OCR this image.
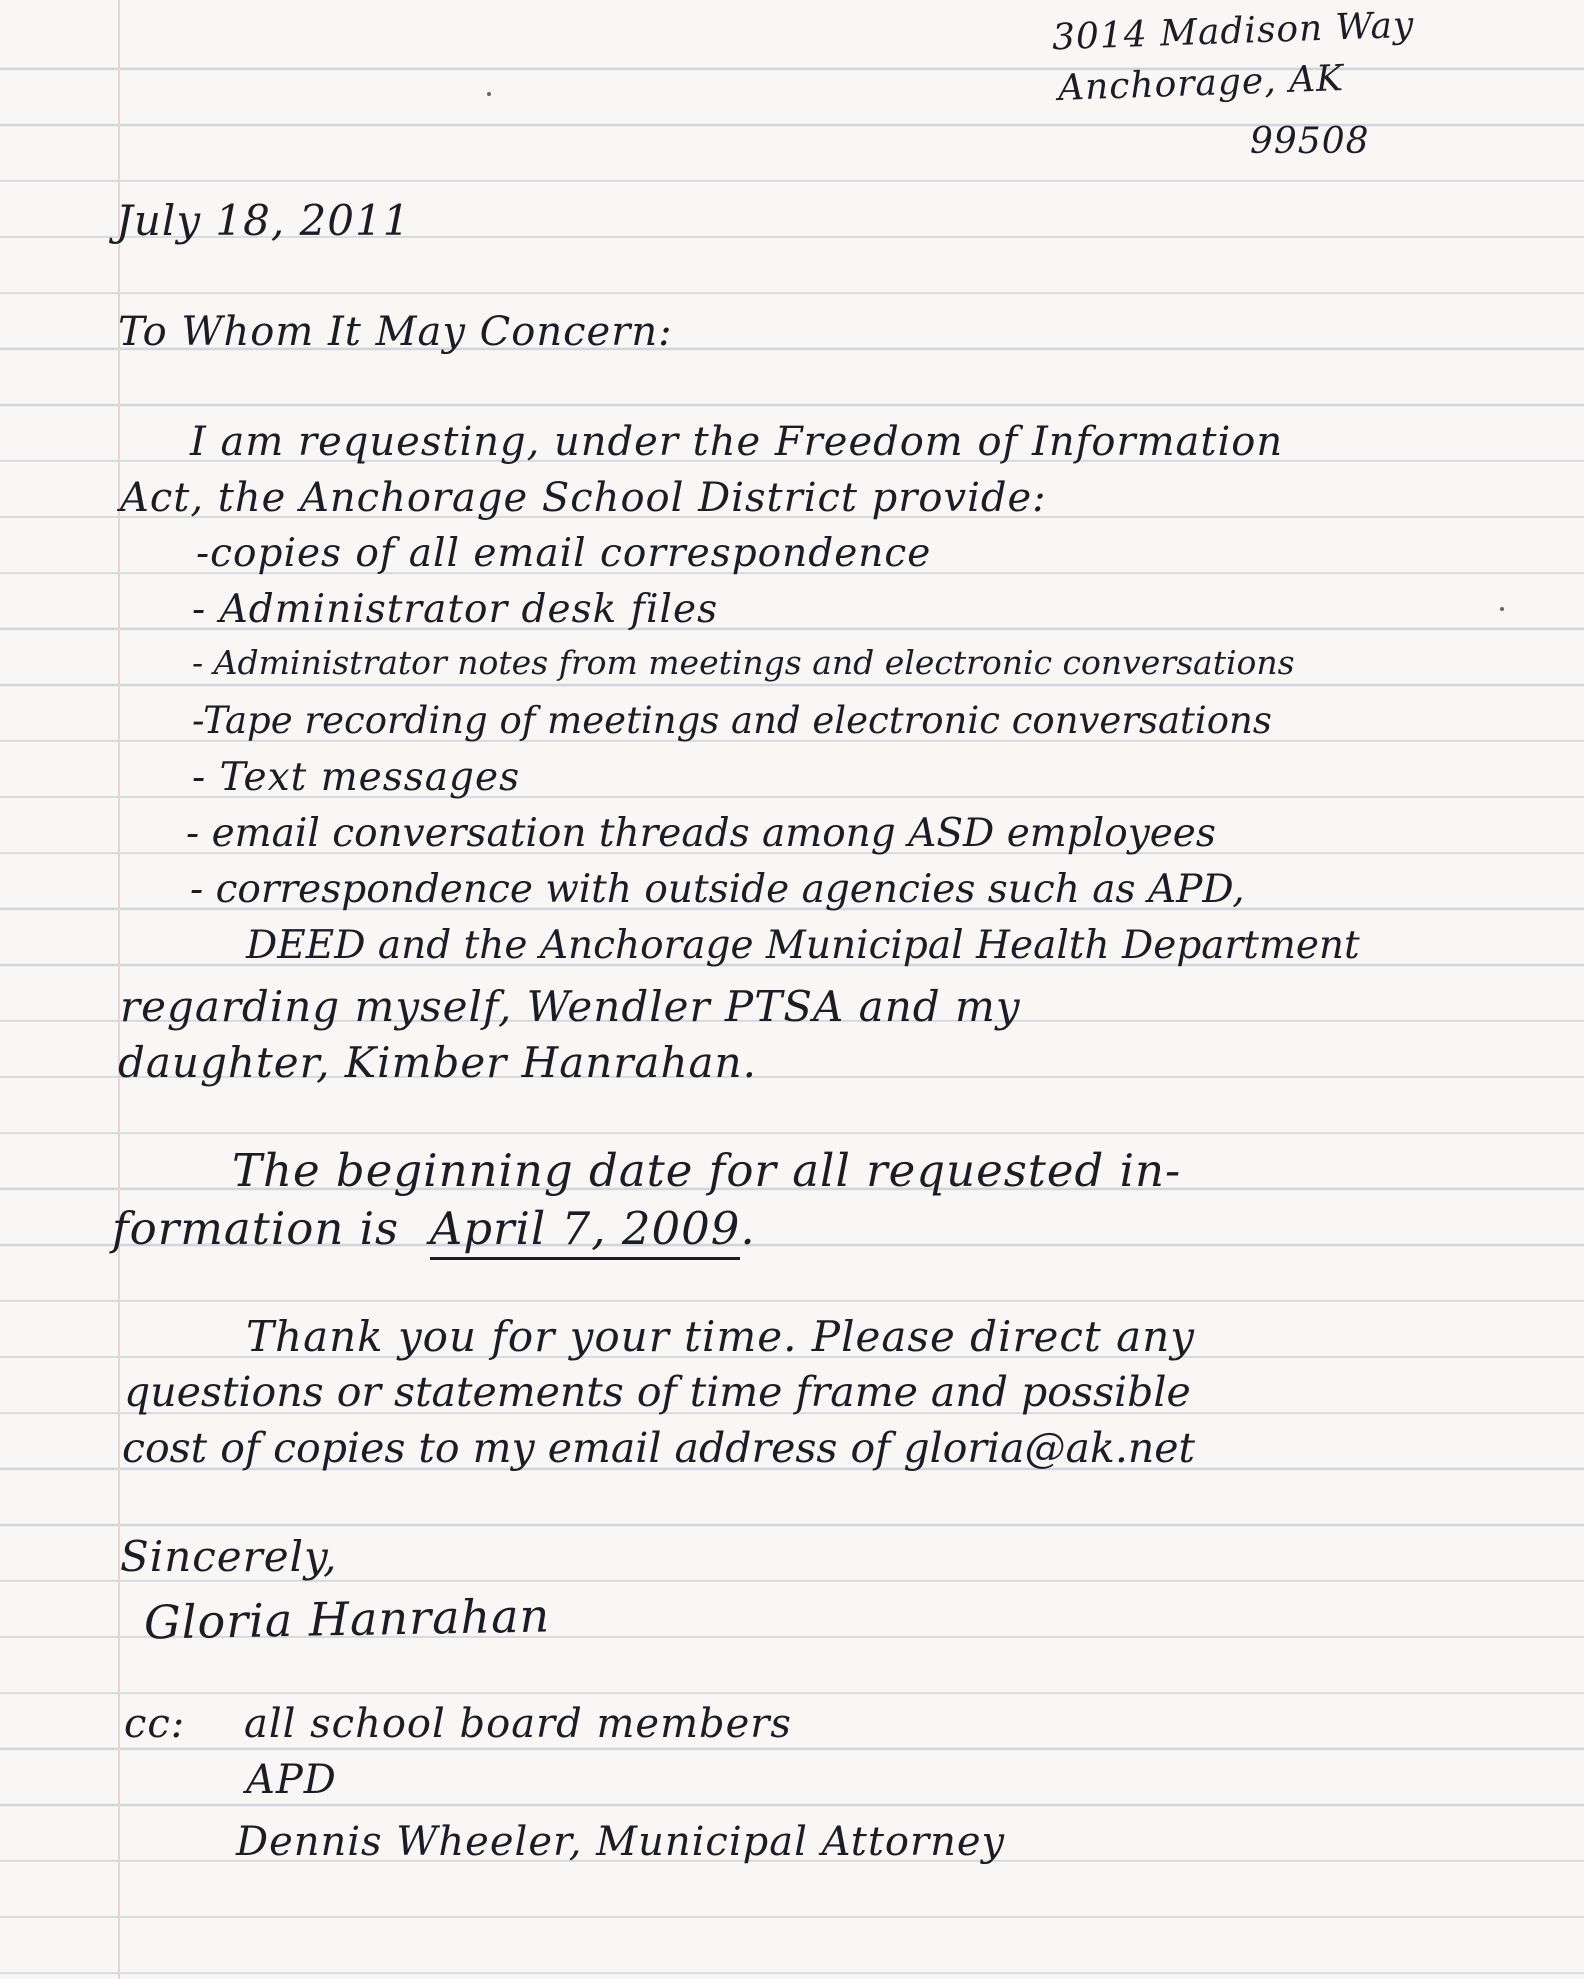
3014 Madison Way
Anchorage, AK
99508
July 18, 2011
To Whom It May Concern:
I am requesting, under the Freedom of Information
Act, the Anchorage School District provide:
-copies of all email correspondence
- Administrator desk files
- Administrator notes from meetings and electronic conversations
-Tape recording of meetings and electronic conversations
- Text messages
- email conversation threads among ASD employees
- correspondence with outside agencies such as APD,
DEED and the Anchorage Municipal Health Department
regarding myself, Wendler PTSA and my
daughter, Kimber Hanrahan.
The beginning date for all requested in-
formation is April 7, 2009.
Thank you for your time. Please direct any
questions or statements of time frame and possible
cost of copies to my email address of gloria@ak.net
Sincerely,
Gloria Hanrahan
cc: all school board members
APD
Dennis Wheeler, Municipal Attorney
